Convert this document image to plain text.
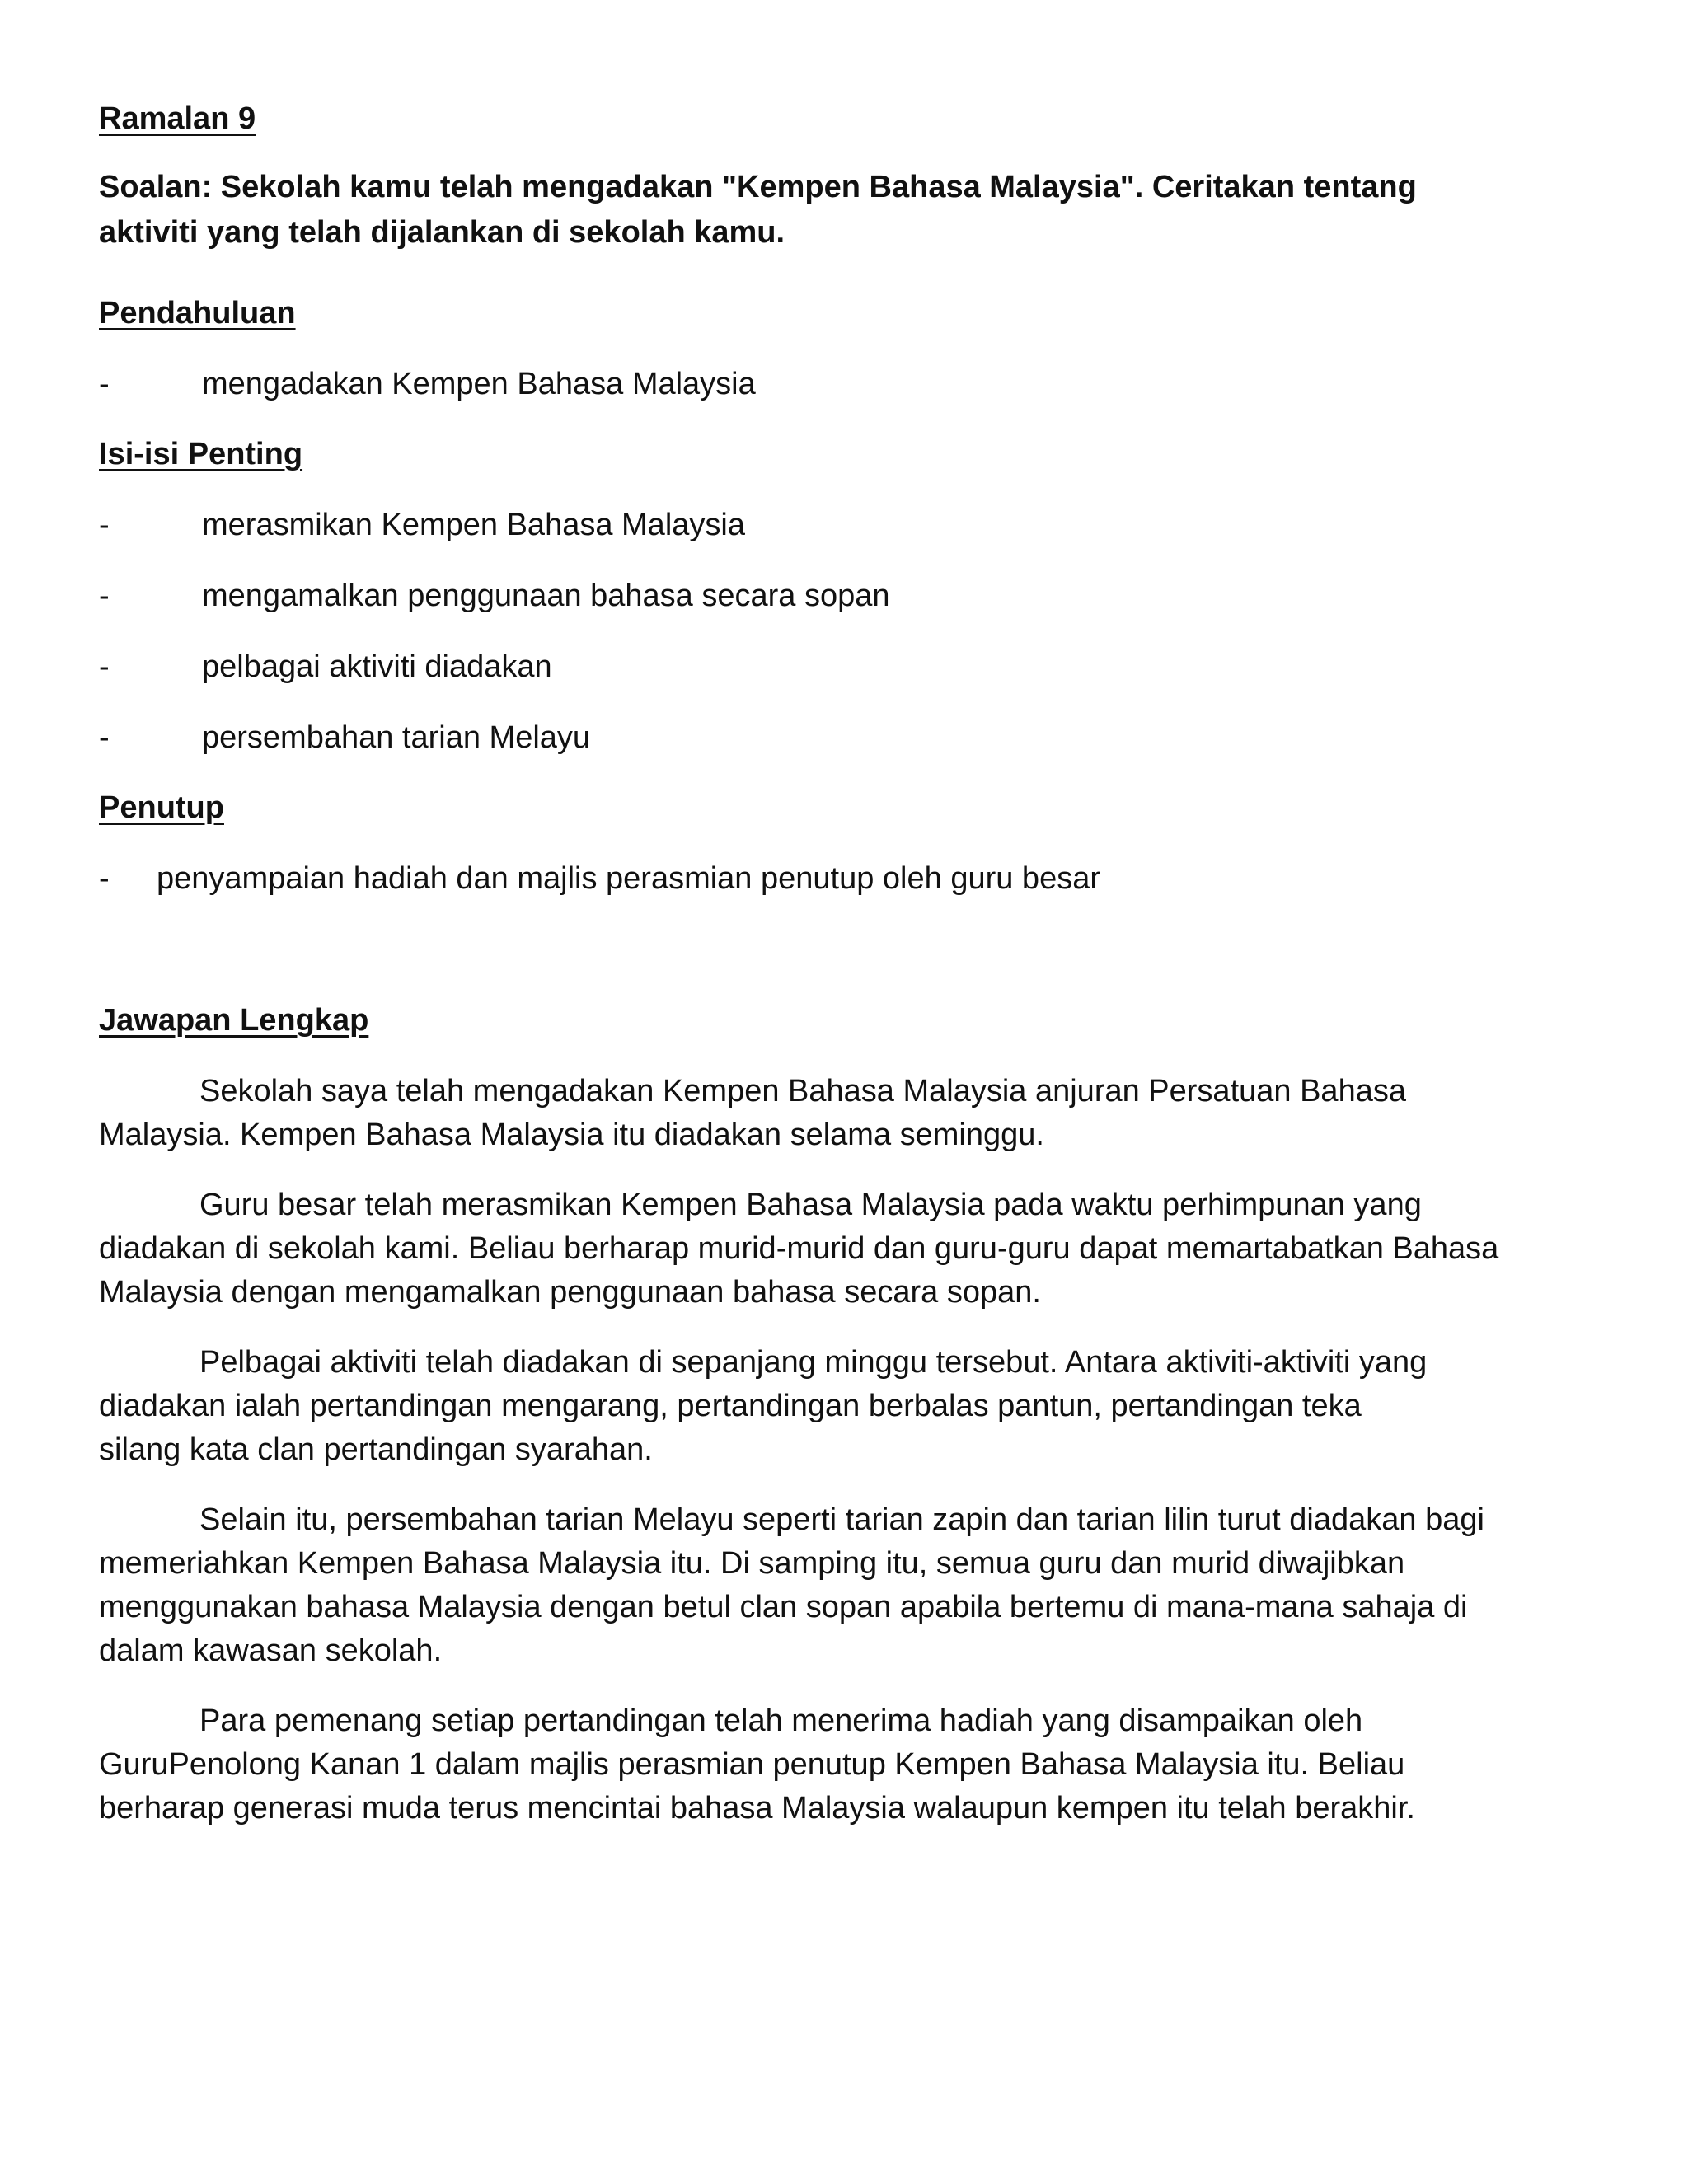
Ramalan 9
Soalan: Sekolah kamu telah mengadakan "Kempen Bahasa Malaysia". Ceritakan tentang
aktiviti yang telah dijalankan di sekolah kamu.
Pendahuluan
-	mengadakan Kempen Bahasa Malaysia
Isi-isi Penting
-	merasmikan Kempen Bahasa Malaysia
-	mengamalkan penggunaan bahasa secara sopan
-	pelbagai aktiviti diadakan
-	persembahan tarian Melayu
Penutup
- penyampaian hadiah dan majlis perasmian penutup oleh guru besar
Jawapan Lengkap
Sekolah saya telah mengadakan Kempen Bahasa Malaysia anjuran Persatuan Bahasa
Malaysia. Kempen Bahasa Malaysia itu diadakan selama seminggu.
Guru besar telah merasmikan Kempen Bahasa Malaysia pada waktu perhimpunan yang
diadakan di sekolah kami. Beliau berharap murid-murid dan guru-guru dapat memartabatkan Bahasa
Malaysia dengan mengamalkan penggunaan bahasa secara sopan.
Pelbagai aktiviti telah diadakan di sepanjang minggu tersebut. Antara aktiviti-aktiviti yang
diadakan ialah pertandingan mengarang, pertandingan berbalas pantun, pertandingan teka
silang kata clan pertandingan syarahan.
Selain itu, persembahan tarian Melayu seperti tarian zapin dan tarian lilin turut diadakan bagi
memeriahkan Kempen Bahasa Malaysia itu. Di samping itu, semua guru dan murid diwajibkan
menggunakan bahasa Malaysia dengan betul clan sopan apabila bertemu di mana-mana sahaja di
dalam kawasan sekolah.
Para pemenang setiap pertandingan telah menerima hadiah yang disampaikan oleh
GuruPenolong Kanan 1 dalam majlis perasmian penutup Kempen Bahasa Malaysia itu. Beliau
berharap generasi muda terus mencintai bahasa Malaysia walaupun kempen itu telah berakhir.
